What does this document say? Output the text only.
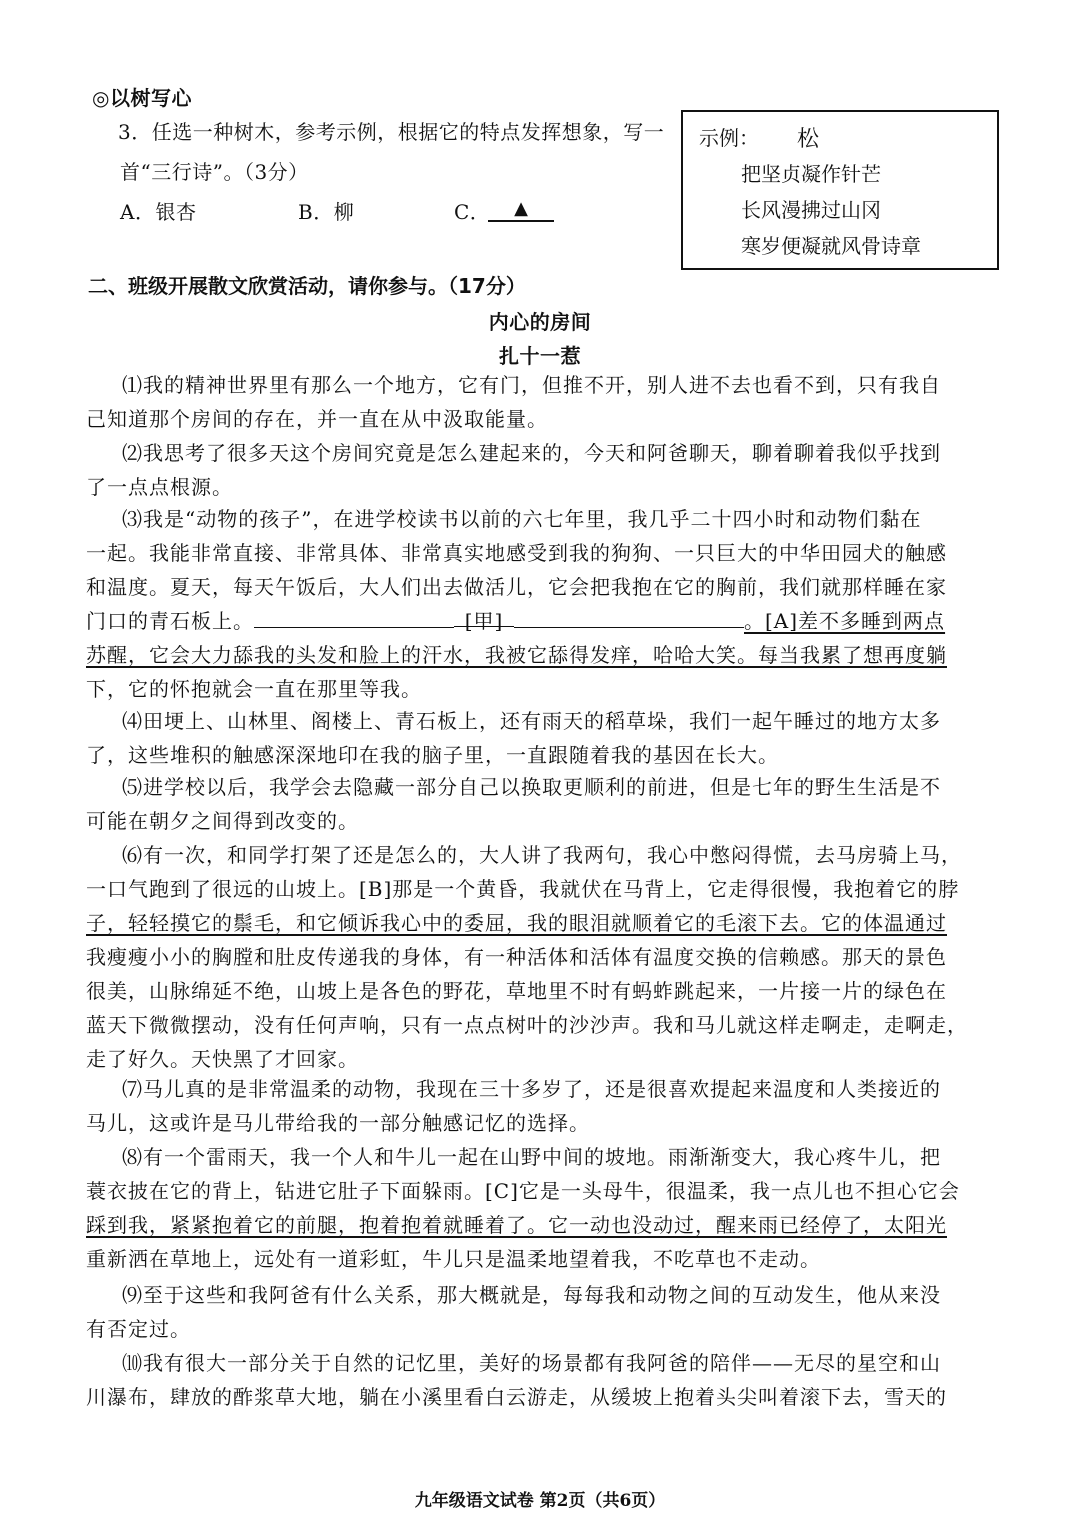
◎以树写心
3．任选一种树木，参考示例，根据它的特点发挥想象，写一
首“三行诗”。（3分）
A．银杏	B．柳	C．	▲
示例： 松
把坚贞凝作针芒
长风漫拂过山冈
寒岁便凝就风骨诗章
二、班级开展散文欣赏活动，请你参与。（17分）
内心的房间
扎十一惹
⑴我的精神世界里有那么一个地方，它有门，但推不开，别人进不去也看不到，只有我自
己知道那个房间的存在，并一直在从中汲取能量。
⑵我思考了很多天这个房间究竟是怎么建起来的，今天和阿爸聊天，聊着聊着我似乎找到
了一点点根源。
⑶我是“动物的孩子”，在进学校读书以前的六七年里，我几乎二十四小时和动物们黏在
一起。我能非常直接、非常具体、非常真实地感受到我的狗狗、一只巨大的中华田园犬的触感
和温度。夏天，每天午饭后，大人们出去做活儿，它会把我抱在它的胸前，我们就那样睡在家
门口的青石板上。	[甲]	。[A]差不多睡到两点
苏醒，它会大力舔我的头发和脸上的汗水，我被它舔得发痒，哈哈大笑。每当我累了想再度躺
下，它的怀抱就会一直在那里等我。
⑷田埂上、山林里、阁楼上、青石板上，还有雨天的稻草垛，我们一起午睡过的地方太多
了，这些堆积的触感深深地印在我的脑子里，一直跟随着我的基因在长大。
⑸进学校以后，我学会去隐藏一部分自己以换取更顺利的前进，但是七年的野生生活是不
可能在朝夕之间得到改变的。
⑹有一次，和同学打架了还是怎么的，大人讲了我两句，我心中憋闷得慌，去马房骑上马，
一口气跑到了很远的山坡上。[B]那是一个黄昏，我就伏在马背上，它走得很慢，我抱着它的脖
子，轻轻摸它的鬃毛，和它倾诉我心中的委屈，我的眼泪就顺着它的毛滚下去。它的体温通过
我瘦瘦小小的胸膛和肚皮传递我的身体，有一种活体和活体有温度交换的信赖感。那天的景色
很美，山脉绵延不绝，山坡上是各色的野花，草地里不时有蚂蚱跳起来，一片接一片的绿色在
蓝天下微微摆动，没有任何声响，只有一点点树叶的沙沙声。我和马儿就这样走啊走，走啊走，
走了好久。天快黑了才回家。
⑺马儿真的是非常温柔的动物，我现在三十多岁了，还是很喜欢提起来温度和人类接近的
马儿，这或许是马儿带给我的一部分触感记忆的选择。
⑻有一个雷雨天，我一个人和牛儿一起在山野中间的坡地。雨渐渐变大，我心疼牛儿，把
蓑衣披在它的背上，钻进它肚子下面躲雨。[C]它是一头母牛，很温柔，我一点儿也不担心它会
踩到我，紧紧抱着它的前腿，抱着抱着就睡着了。它一动也没动过，醒来雨已经停了，太阳光
重新洒在草地上，远处有一道彩虹，牛儿只是温柔地望着我，不吃草也不走动。
⑼至于这些和我阿爸有什么关系，那大概就是，每每我和动物之间的互动发生，他从来没
有否定过。
⑽我有很大一部分关于自然的记忆里，美好的场景都有我阿爸的陪伴——无尽的星空和山
川瀑布，肆放的酢浆草大地，躺在小溪里看白云游走，从缓坡上抱着头尖叫着滚下去，雪天的
九年级语文试卷 第2页（共6页）
